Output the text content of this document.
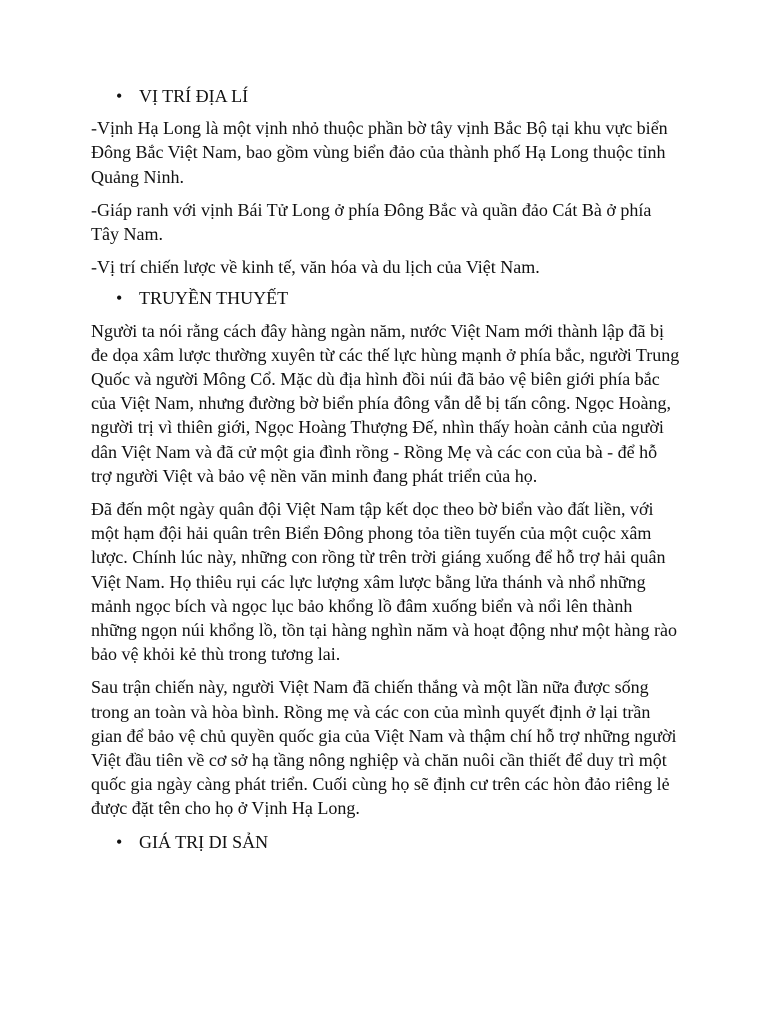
• VỊ TRÍ ĐỊA LÍ

-Vịnh Hạ Long là một vịnh nhỏ thuộc phần bờ tây vịnh Bắc Bộ tại khu vực biển Đông Bắc Việt Nam, bao gồm vùng biển đảo của thành phố Hạ Long thuộc tỉnh Quảng Ninh.

-Giáp ranh với vịnh Bái Tử Long ở phía Đông Bắc và quần đảo Cát Bà ở phía Tây Nam.

-Vị trí chiến lược về kinh tế, văn hóa và du lịch của Việt Nam.

• TRUYỀN THUYẾT

Người ta nói rằng cách đây hàng ngàn năm, nước Việt Nam mới thành lập đã bị đe dọa xâm lược thường xuyên từ các thế lực hùng mạnh ở phía bắc, người Trung Quốc và người Mông Cổ. Mặc dù địa hình đồi núi đã bảo vệ biên giới phía bắc của Việt Nam, nhưng đường bờ biển phía đông vẫn dễ bị tấn công. Ngọc Hoàng, người trị vì thiên giới, Ngọc Hoàng Thượng Đế, nhìn thấy hoàn cảnh của người dân Việt Nam và đã cử một gia đình rồng - Rồng Mẹ và các con của bà - để hỗ trợ người Việt và bảo vệ nền văn minh đang phát triển của họ.

Đã đến một ngày quân đội Việt Nam tập kết dọc theo bờ biển vào đất liền, với một hạm đội hải quân trên Biển Đông phong tỏa tiền tuyến của một cuộc xâm lược. Chính lúc này, những con rồng từ trên trời giáng xuống để hỗ trợ hải quân Việt Nam. Họ thiêu rụi các lực lượng xâm lược bằng lửa thánh và nhổ những mảnh ngọc bích và ngọc lục bảo khổng lồ đâm xuống biển và nổi lên thành những ngọn núi khổng lồ, tồn tại hàng nghìn năm và hoạt động như một hàng rào bảo vệ khỏi kẻ thù trong tương lai.

Sau trận chiến này, người Việt Nam đã chiến thắng và một lần nữa được sống trong an toàn và hòa bình. Rồng mẹ và các con của mình quyết định ở lại trần gian để bảo vệ chủ quyền quốc gia của Việt Nam và thậm chí hỗ trợ những người Việt đầu tiên về cơ sở hạ tầng nông nghiệp và chăn nuôi cần thiết để duy trì một quốc gia ngày càng phát triển. Cuối cùng họ sẽ định cư trên các hòn đảo riêng lẻ được đặt tên cho họ ở Vịnh Hạ Long.

• GIÁ TRỊ DI SẢN
